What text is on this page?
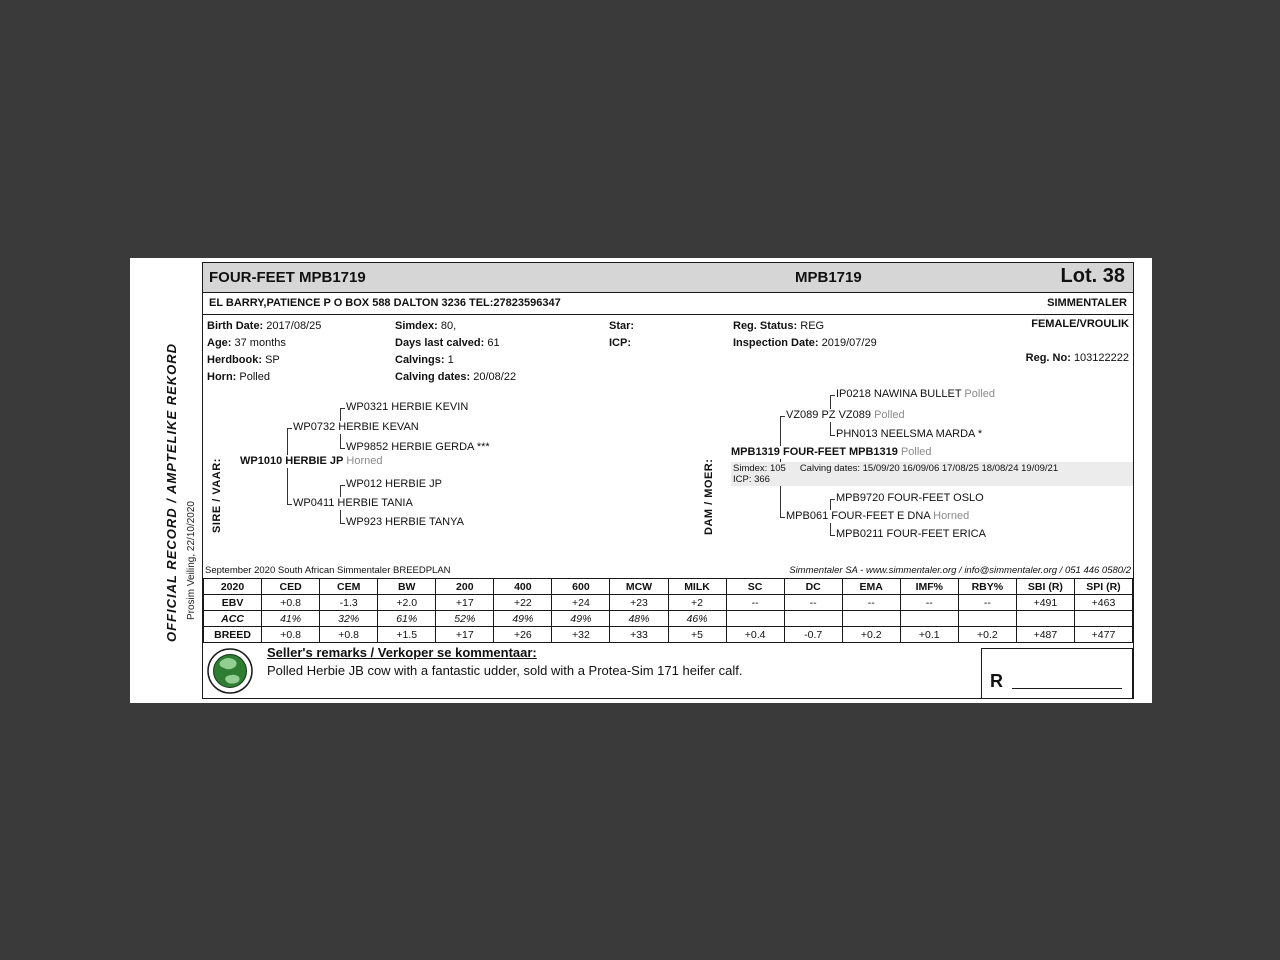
OFFICIAL RECORD / AMPTELIKE REKORD Prosim Veiling, 22/10/2020
FOUR-FEET MPB1719	MPB1719	Lot. 38
EL BARRY,PATIENCE P O BOX 588 DALTON 3236 TEL:27823596347	SIMMENTALER
Birth Date: 2017/08/25
Age: 37 months
Herdbook: SP
Horn: Polled
Simdex: 80,
Days last calved: 61
Calvings: 1
Calving dates: 20/08/22
Star:
ICP:
Reg. Status: REG
Inspection Date: 2019/07/29
FEMALE/VROULIK
Reg. No: 103122222
SIRE / VAAR:	DAM / MOER:
WP0321 HERBIE KEVIN
WP0732 HERBIE KEVAN
WP9852 HERBIE GERDA ***
WP1010 HERBIE JP Horned
WP012 HERBIE JP
WP0411 HERBIE TANIA
WP923 HERBIE TANYA
IP0218 NAWINA BULLET Polled
VZ089 PZ VZ089 Polled
PHN013 NEELSMA MARDA *
MPB1319 FOUR-FEET MPB1319 Polled
Simdex: 105 Calving dates: 15/09/20 16/09/06 17/08/25 18/08/24 19/09/21
ICP: 366
MPB9720 FOUR-FEET OSLO
MPB061 FOUR-FEET E DNA Horned
MPB0211 FOUR-FEET ERICA
September 2020 South African Simmentaler BREEDPLAN	Simmentaler SA - www.simmentaler.org / info@simmentaler.org / 051 446 0580/2
2020	CED	CEM	BW	200	400	600	MCW	MILK	SC	DC	EMA	IMF%	RBY%	SBI (R)	SPI (R)
EBV	+0.8	-1.3	+2.0	+17	+22	+24	+23	+2	--	--	--	--	--	+491	+463
ACC	41%	32%	61%	52%	49%	49%	48%	46%							
BREED	+0.8	+0.8	+1.5	+17	+26	+32	+33	+5	+0.4	-0.7	+0.2	+0.1	+0.2	+487	+477
Seller's remarks / Verkoper se kommentaar:
Polled Herbie JB cow with a fantastic udder, sold with a Protea-Sim 171 heifer calf.
R
